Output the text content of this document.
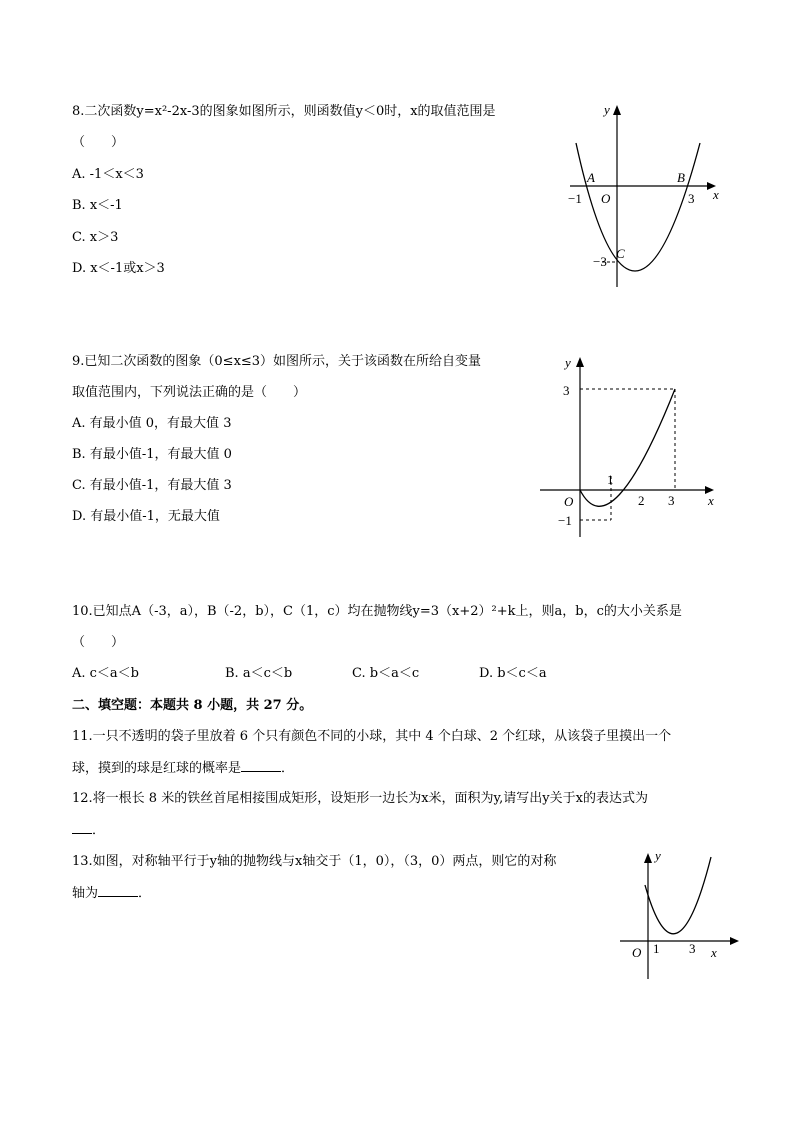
8.二次函数y=x²-2x-3的图象如图所示，则函数值y＜0时，x的取值范围是
（　　）
A. -1＜x＜3
B. x＜-1
C. x＞3
D. x＜-1或x＞3
y
x
A	B
C
O
−1	3
−3
9.已知二次函数的图象（0≤x≤3）如图所示，关于该函数在所给自变量
取值范围内，下列说法正确的是（　　）
A. 有最小值 0，有最大值 3
B. 有最小值-1，有最大值 0
C. 有最小值-1，有最大值 3
D. 有最小值-1，无最大值
y
x
O
3
−1
1
2 3
10.已知点A（-3，a），B（-2，b），C（1，c）均在抛物线y=3（x+2）²+k上，则a，b，c的大小关系是
（　　）
A. c＜a＜b	B. a＜c＜b	C. b＜a＜c	D. b＜c＜a
二、填空题：本题共 8 小题，共 27 分。
11.一只不透明的袋子里放着 6 个只有颜色不同的小球，其中 4 个白球、2 个红球，从该袋子里摸出一个
球，摸到的球是红球的概率是	．
12.将一根长 8 米的铁丝首尾相接围成矩形，设矩形一边长为x米，面积为y,请写出y关于x的表达式为
．
13.如图，对称轴平行于y轴的抛物线与x轴交于（1，0），（3，0）两点，则它的对称
轴为	．
y
x
O 1 3
